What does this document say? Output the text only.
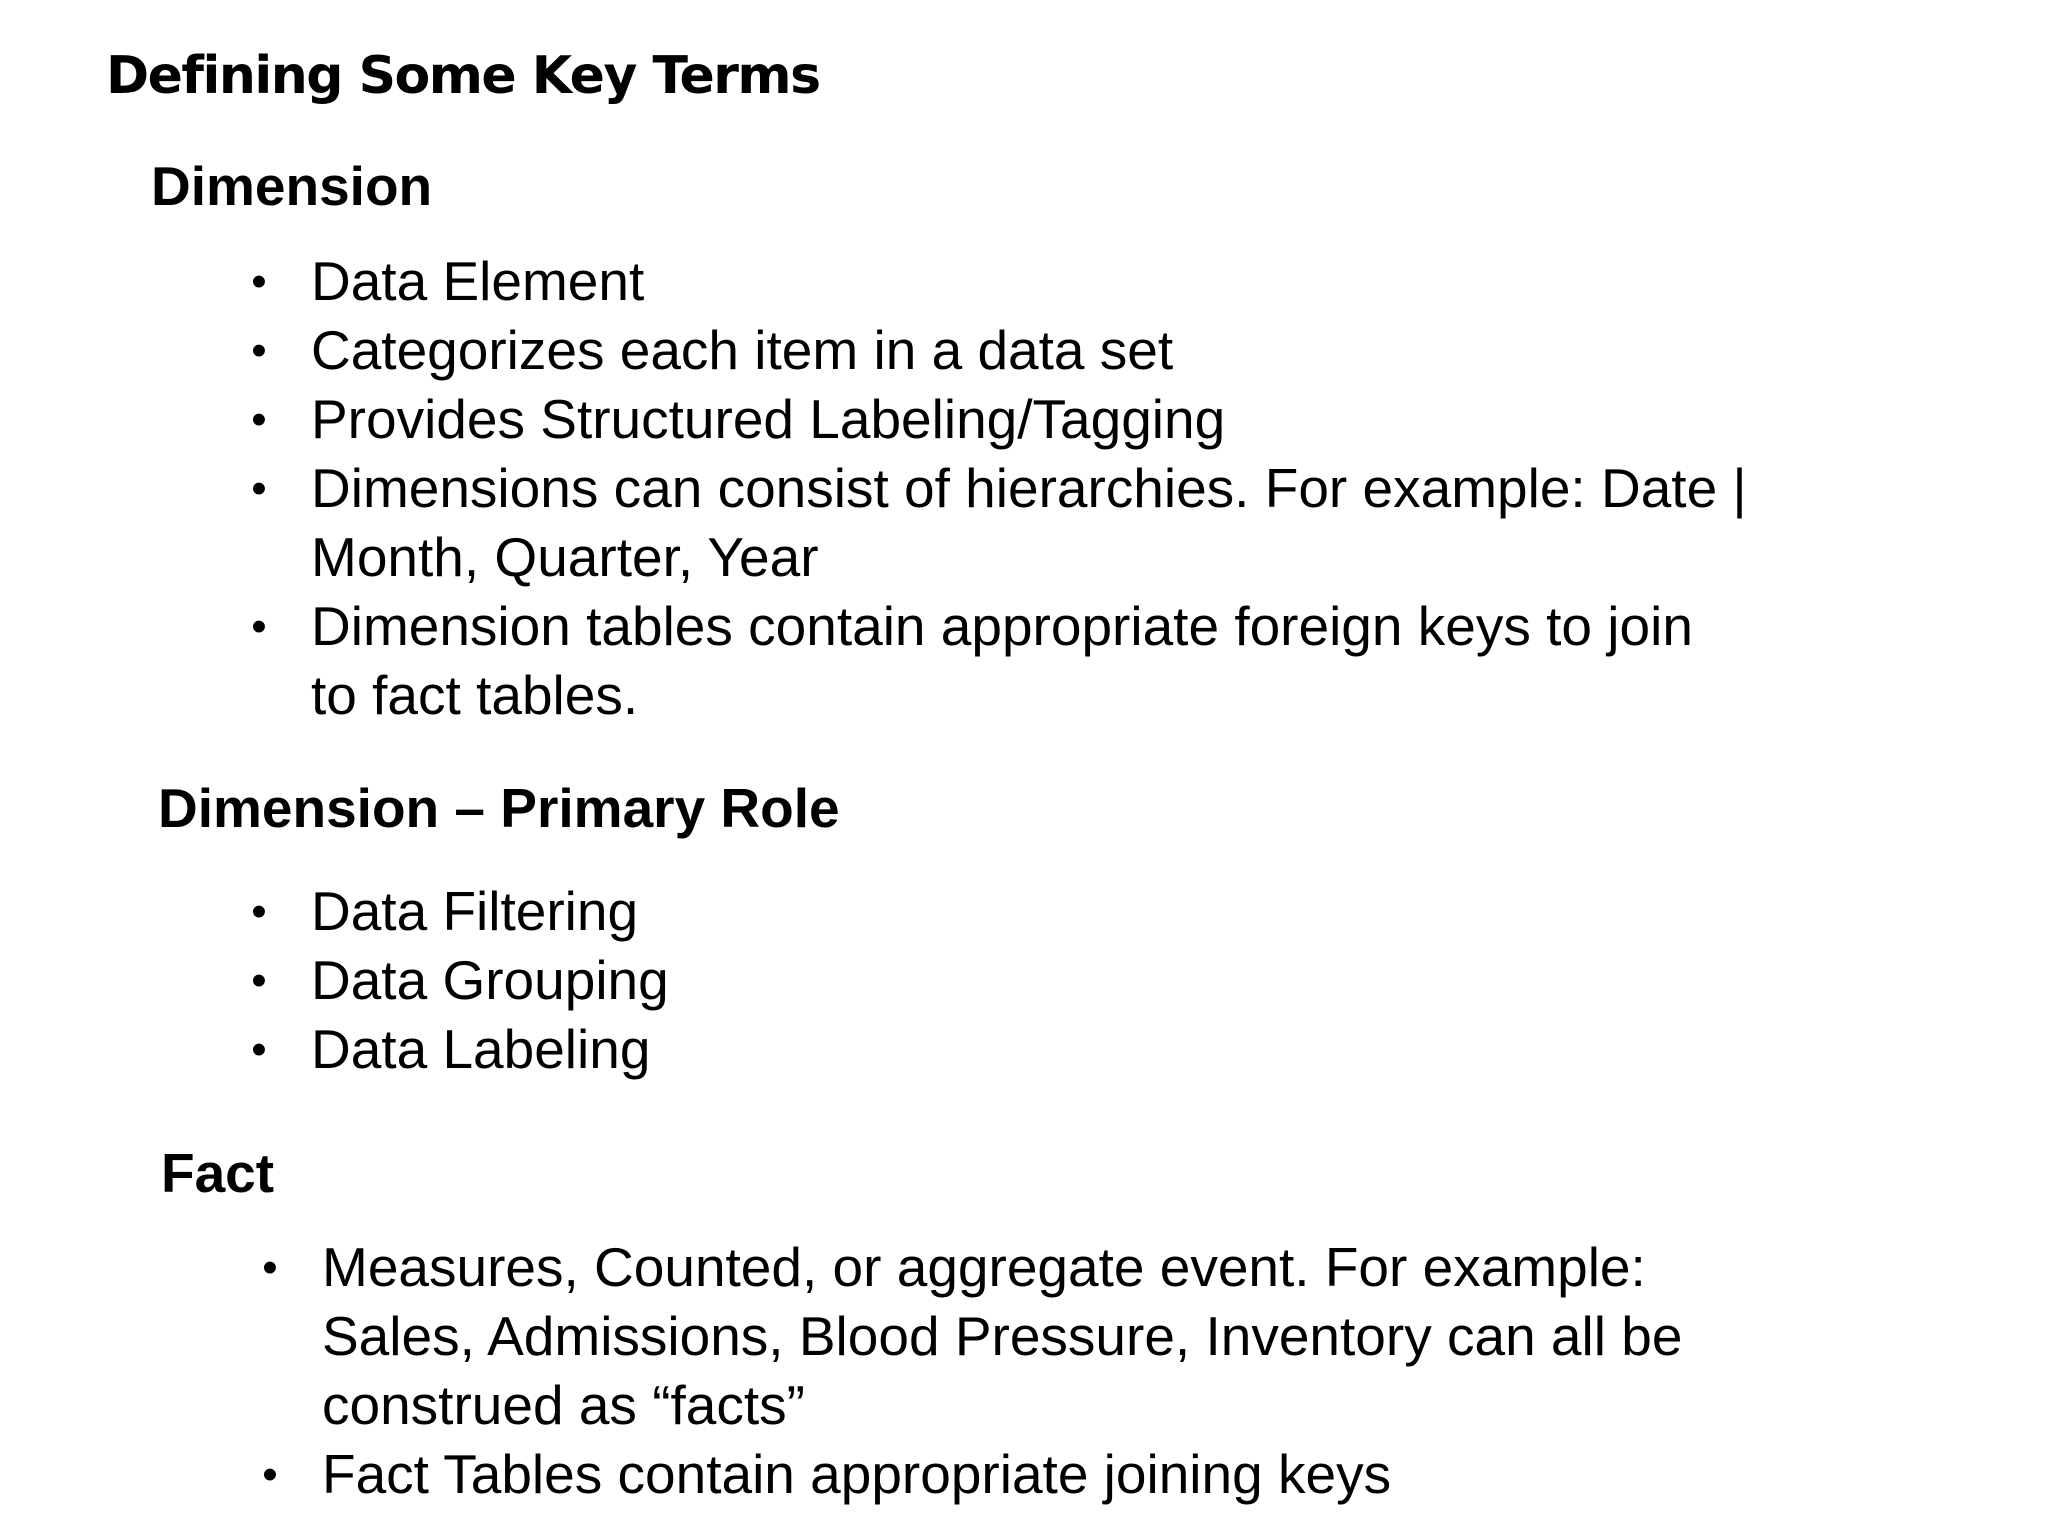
Defining Some Key Terms
Dimension
• Data Element
• Categorizes each item in a data set
• Provides Structured Labeling/Tagging
• Dimensions can consist of hierarchies. For example: Date |
Month, Quarter, Year
• Dimension tables contain appropriate foreign keys to join
to fact tables.
Dimension – Primary Role
• Data Filtering
• Data Grouping
• Data Labeling
Fact
• Measures, Counted, or aggregate event. For example:
Sales, Admissions, Blood Pressure, Inventory can all be
construed as “facts”
• Fact Tables contain appropriate joining keys
